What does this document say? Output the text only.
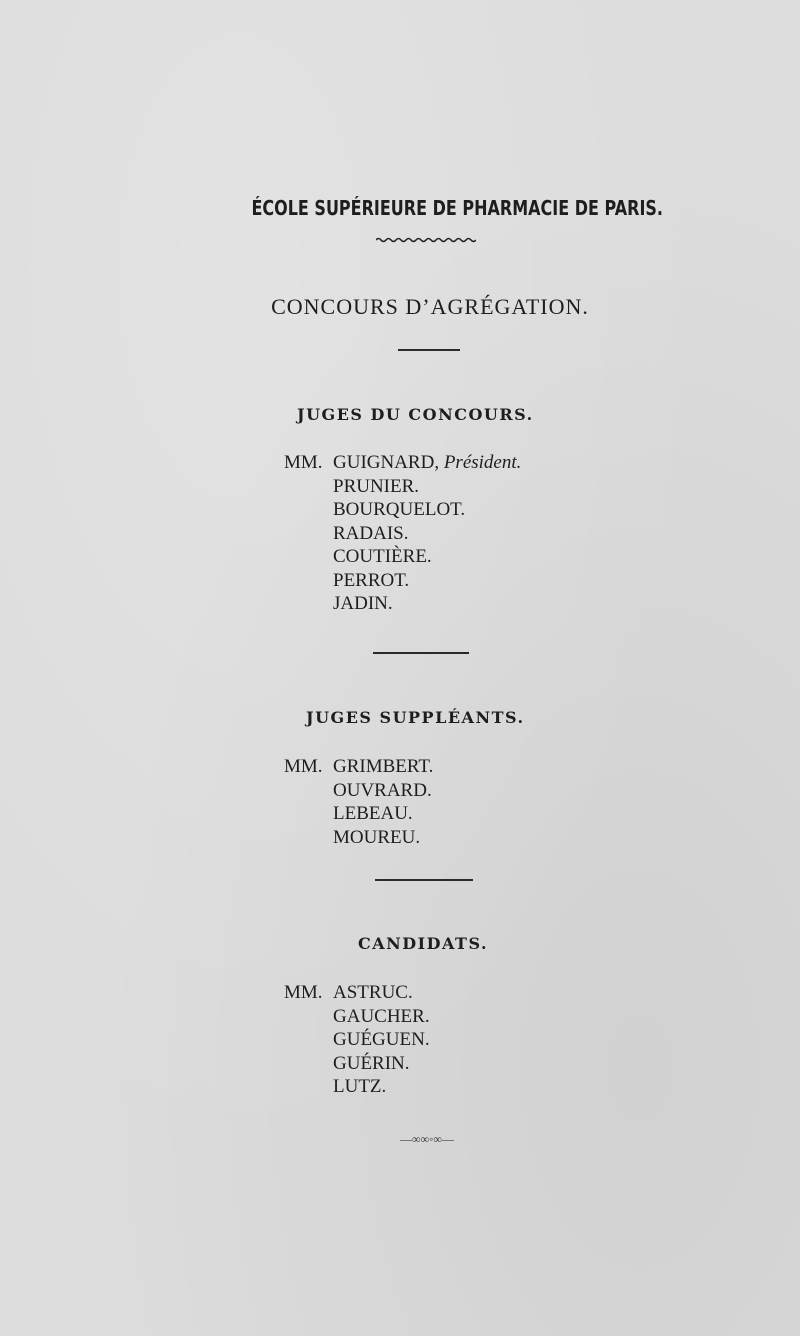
ÉCOLE SUPÉRIEURE DE PHARMACIE DE PARIS.
CONCOURS D’AGRÉGATION.
JUGES DU CONCOURS.
MM. GUIGNARD, Président.
PRUNIER.
BOURQUELOT.
RADAIS.
COUTIÈRE.
PERROT.
JADIN.
JUGES SUPPLÉANTS.
MM. GRIMBERT.
OUVRARD.
LEBEAU.
MOUREU.
CANDIDATS.
MM. ASTRUC.
GAUCHER.
GUÉGUEN.
GUÉRIN.
LUTZ.
—∞∞◦∞—
